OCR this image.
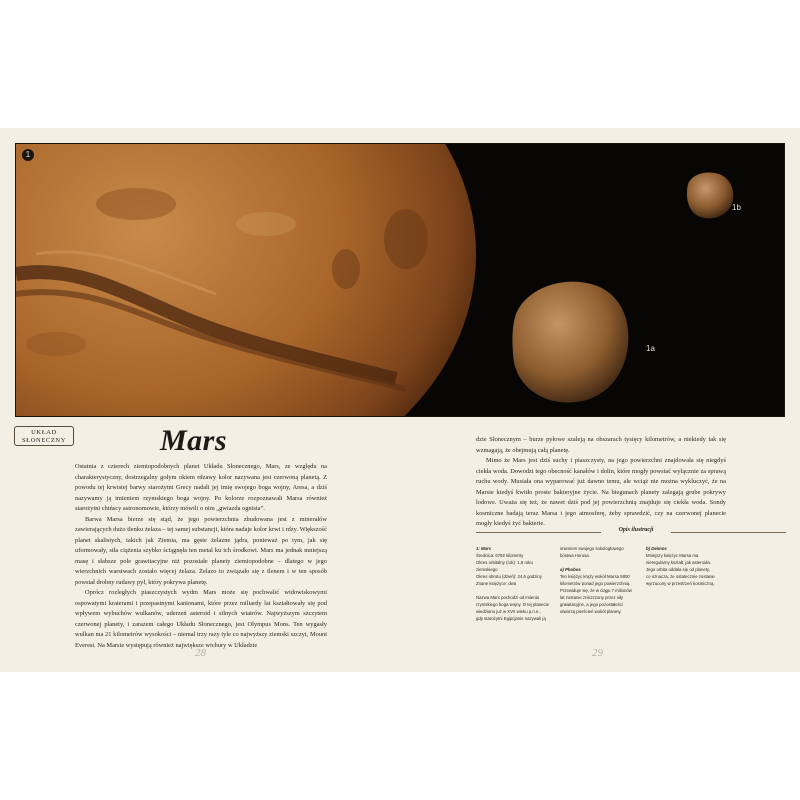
1
1a
1b
UKŁAD
SŁONECZNY	Mars

Ostatnia z czterech ziemiopodobnych planet Układu Słonecznego, Mars, ze względu na charakterystyczny, dostrzegalny gołym okiem rdzawy kolor nazywana jest czerwoną planetą. Z powodu tej krwistej barwy starożytni Grecy nadali jej imię swojego boga wojny, Aresa, a dziś nazywamy ją imieniem rzymskiego boga wojny. Po kolorze rozpoznawali Marsa również starożytni chińscy astronomowie, którzy mówili o nim „gwiazda ognista”.

Barwa Marsa bierze się stąd, że jego powierzchnia zbudowana jest z minerałów zawierających dużo tlenku żelaza – tej samej substancji, która nadaje kolor krwi i rdzy. Większość planet skalistych, takich jak Ziemia, ma gęste żelazne jądra, ponieważ po tym, jak się uformowały, siła ciążenia szybko ściągnęła ten metal ku ich środkowi. Mars ma jednak mniejszą masę i słabsze pole grawitacyjne niż pozostałe planety ziemiopodobne – dlatego w jego wierzchnich warstwach zostało więcej żelaza. Żelazo to związało się z tlenem i w ten sposób powstał drobny rudawy pył, który pokrywa planetę.

Oprócz rozległych piaszczystych wydm Mars może się pochwalić widowiskowymi ospowatymi kraterami i przepastnymi kanionami, które przez miliardy lat kształtowały się pod wpływem wybuchów wulkanów, uderzeń asteroid i silnych wiatrów. Najwyższym szczytem czerwonej planety, i zarazem całego Układu Słonecznego, jest Olympus Mons. Ten wygasły wulkan ma 21 kilometrów wysokości – niemal trzy razy tyle co najwyższy ziemski szczyt, Mount Everest. Na Marsie występują również największe wichury w Układzie

dzie Słonecznym – burze pyłowe szaleją na obszarach tysięcy kilometrów, a niekiedy tak się wzmagają, że obejmują całą planetę.

Mimo że Mars jest dziś suchy i piaszczysty, na jego powierzchni znajdowała się niegdyś ciekła woda. Dowodzi tego obecność kanałów i dolin, które mogły powstać wyłącznie za sprawą ruchu wody. Musiała ona wyparować już dawno temu, ale wciąż nie można wykluczyć, że na Marsie kiedyś kwitło proste bakteryjne życie. Na biegunach planety zalegają grube pokrywy lodowe. Uważa się też, że nawet dziś pod jej powierzchnią znajduje się ciekła woda. Sondy kosmiczne badają teraz Marsa i jego atmosferę, żeby sprawdzić, czy na czerwonej planecie mogły kiedyś żyć bakterie.

Opis ilustracji
1: Mars
Średnica: 6792 kilometry
Okres orbitalny (rok): 1,8 roku
ziemskiego
Okres obrotu (dzień): 24,6 godziny
Znane księżyce: dwa
Nazwa Mars pochodzi od imienia
rzymskiego boga wojny. O tej planecie
wiedziano już w XVII wieku p.n.e.,
gdy starożytni Egipcjanie nazywali ją
imieniem swojego sokologłowego
bóstwa Horusa.
a) Phobos
Ten księżyc krąży wokół Marsa 5800
kilometrów ponad jego powierzchnią.
Przewiduje się, że w ciągu 7 milionów
lat zostanie zniszczony przez siły
grawitacyjne, a jego pozostałości
utworzą pierścień wokół planety.
b) Deimos
Mniejszy księżyc Marsa ma
nieregularny kształt, jak asteroida.
Jego orbita oddala się od planety,
co oznacza, że ostatecznie zostanie
wyrzucony w przestrzeń kosmiczną.
28	29
